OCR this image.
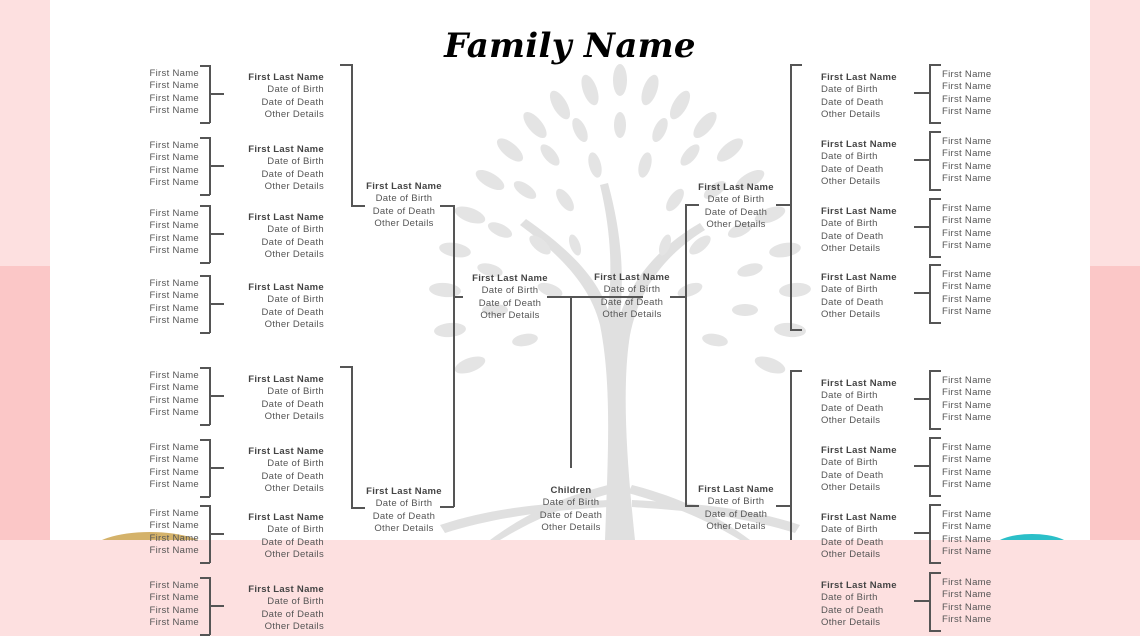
Family Name
First Name
First Name
First Name
First Name
First Last Name
Date of Birth
Date of Death
Other Details
First Name
First Name
First Name
First Name
First Last Name
Date of Birth
Date of Death
Other Details
First Name
First Name
First Name
First Name
First Last Name
Date of Birth
Date of Death
Other Details
First Name
First Name
First Name
First Name
First Last Name
Date of Birth
Date of Death
Other Details
First Name
First Name
First Name
First Name
First Last Name
Date of Birth
Date of Death
Other Details
First Name
First Name
First Name
First Name
First Last Name
Date of Birth
Date of Death
Other Details
First Name
First Name
First Name
First Name
First Last Name
Date of Birth
Date of Death
Other Details
First Name
First Name
First Name
First Name
First Last Name
Date of Birth
Date of Death
Other Details
First Last Name
Date of Birth
Date of Death
Other Details
First Last Name
Date of Birth
Date of Death
Other Details
First Last Name
Date of Birth
Date of Death
Other Details
Children
Date of Birth
Date of Death
Other Details
First Last Name
Date of Birth
Date of Death
Other Details
First Last Name
Date of Birth
Date of Death
Other Details
First Last Name
Date of Birth
Date of Death
Other Details
First Last Name
Date of Birth
Date of Death
Other Details
First Name
First Name
First Name
First Name
First Last Name
Date of Birth
Date of Death
Other Details
First Name
First Name
First Name
First Name
First Last Name
Date of Birth
Date of Death
Other Details
First Name
First Name
First Name
First Name
First Last Name
Date of Birth
Date of Death
Other Details
First Name
First Name
First Name
First Name
First Last Name
Date of Birth
Date of Death
Other Details
First Name
First Name
First Name
First Name
First Last Name
Date of Birth
Date of Death
Other Details
First Name
First Name
First Name
First Name
First Last Name
Date of Birth
Date of Death
Other Details
First Name
First Name
First Name
First Name
First Last Name
Date of Birth
Date of Death
Other Details
First Name
First Name
First Name
First Name
